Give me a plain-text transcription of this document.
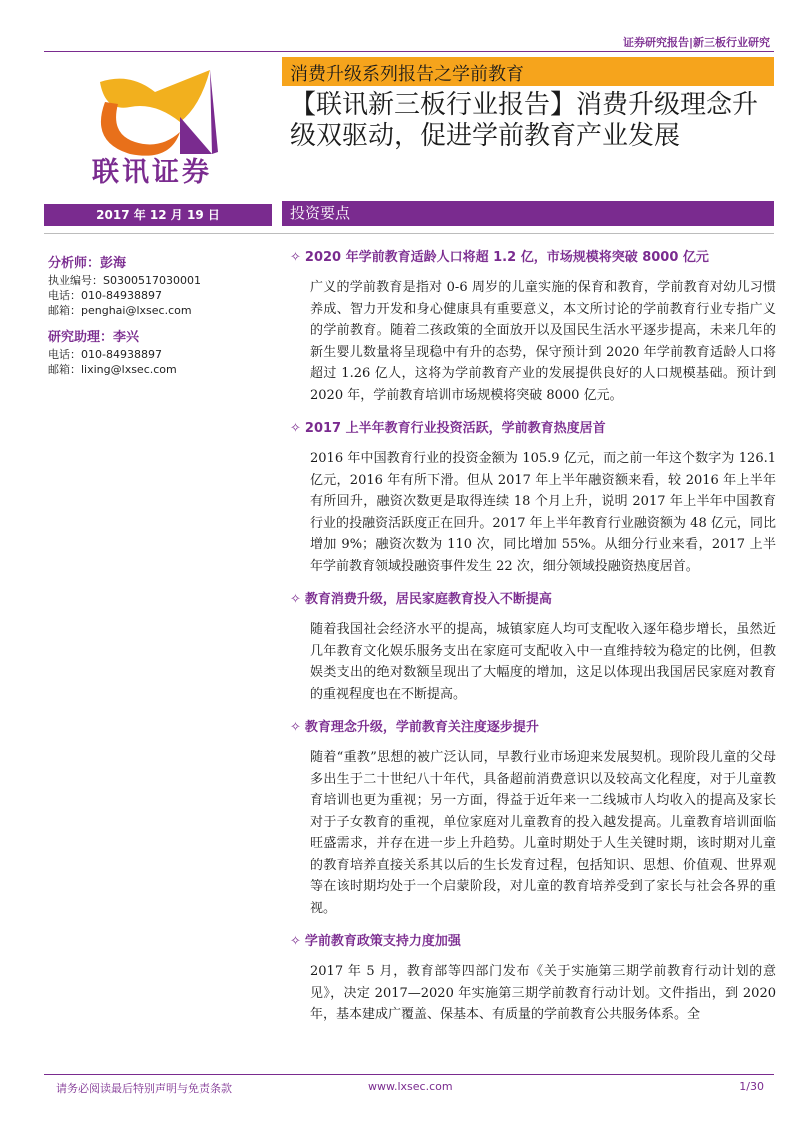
证券研究报告|新三板行业研究
联讯证券
消费升级系列报告之学前教育
【联讯新三板行业报告】消费升级理念升级双驱动，促进学前教育产业发展
2017 年 12 月 19 日	投资要点
分析师：彭海
执业编号：S0300517030001
电话：010-84938897
邮箱：penghai@lxsec.com
研究助理：李兴
电话：010-84938897
邮箱：lixing@lxsec.com
✧ 2020 年学前教育适龄人口将超 1.2 亿，市场规模将突破 8000 亿元
广义的学前教育是指对 0-6 周岁的儿童实施的保育和教育，学前教育对幼儿习惯养成、智力开发和身心健康具有重要意义，本文所讨论的学前教育行业专指广义的学前教育。随着二孩政策的全面放开以及国民生活水平逐步提高，未来几年的新生婴儿数量将呈现稳中有升的态势，保守预计到 2020 年学前教育适龄人口将超过 1.26 亿人，这将为学前教育产业的发展提供良好的人口规模基础。预计到 2020 年，学前教育培训市场规模将突破 8000 亿元。
✧ 2017 上半年教育行业投资活跃，学前教育热度居首
2016 年中国教育行业的投资金额为 105.9 亿元，而之前一年这个数字为 126.1 亿元，2016 年有所下滑。但从 2017 年上半年融资额来看，较 2016 年上半年有所回升，融资次数更是取得连续 18 个月上升，说明 2017 年上半年中国教育行业的投融资活跃度正在回升。2017 年上半年教育行业融资额为 48 亿元，同比增加 9%；融资次数为 110 次，同比增加 55%。从细分行业来看，2017 上半年学前教育领域投融资事件发生 22 次，细分领域投融资热度居首。
✧ 教育消费升级，居民家庭教育投入不断提高
随着我国社会经济水平的提高，城镇家庭人均可支配收入逐年稳步增长，虽然近几年教育文化娱乐服务支出在家庭可支配收入中一直维持较为稳定的比例，但教娱类支出的绝对数额呈现出了大幅度的增加，这足以体现出我国居民家庭对教育的重视程度也在不断提高。
✧ 教育理念升级，学前教育关注度逐步提升
随着“重教”思想的被广泛认同，早教行业市场迎来发展契机。现阶段儿童的父母多出生于二十世纪八十年代，具备超前消费意识以及较高文化程度，对于儿童教育培训也更为重视；另一方面，得益于近年来一二线城市人均收入的提高及家长对于子女教育的重视，单位家庭对儿童教育的投入越发提高。儿童教育培训面临旺盛需求，并存在进一步上升趋势。儿童时期处于人生关键时期，该时期对儿童的教育培养直接关系其以后的生长发育过程，包括知识、思想、价值观、世界观等在该时期均处于一个启蒙阶段，对儿童的教育培养受到了家长与社会各界的重视。
✧ 学前教育政策支持力度加强
2017 年 5 月，教育部等四部门发布《关于实施第三期学前教育行动计划的意见》，决定 2017—2020 年实施第三期学前教育行动计划。文件指出，到 2020 年，基本建成广覆盖、保基本、有质量的学前教育公共服务体系。全
请务必阅读最后特别声明与免责条款	www.lxsec.com	1/30
